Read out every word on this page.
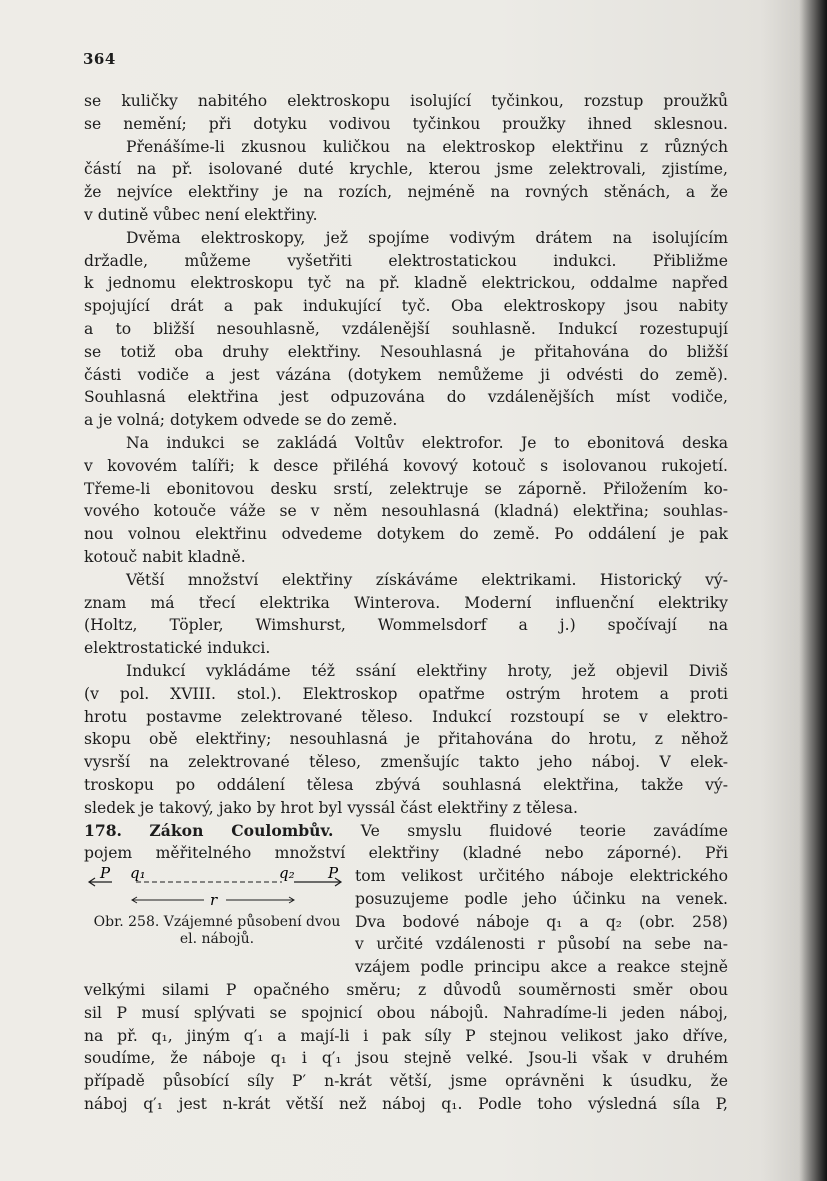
364
se kuličky nabitého elektroskopu isolující tyčinkou, rozstup proužků
se nemění; při dotyku vodivou tyčinkou proužky ihned sklesnou.
Přenášíme-li zkusnou kuličkou na elektroskop elektřinu z různých
částí na př. isolované duté krychle, kterou jsme zelektrovali, zjistíme,
že nejvíce elektřiny je na rozích, nejméně na rovných stěnách, a že
v dutině vůbec není elektřiny.
Dvěma elektroskopy, jež spojíme vodivým drátem na isolujícím
držadle, můžeme vyšetřiti elektrostatickou indukci. Přibližme
k jednomu elektroskopu tyč na př. kladně elektrickou, oddalme napřed
spojující drát a pak indukující tyč. Oba elektroskopy jsou nabity
a to bližší nesouhlasně, vzdálenější souhlasně. Indukcí rozestupují
se totiž oba druhy elektřiny. Nesouhlasná je přitahována do bližší
části vodiče a jest vázána (dotykem nemůžeme ji odvésti do země).
Souhlasná elektřina jest odpuzována do vzdálenějších míst vodiče,
a je volná; dotykem odvede se do země.
Na indukci se zakládá Voltův elektrofor. Je to ebonitová deska
v kovovém talíři; k desce přiléhá kovový kotouč s isolovanou rukojetí.
Třeme-li ebonitovou desku srstí, zelektruje se záporně. Přiložením ko-
vového kotouče váže se v něm nesouhlasná (kladná) elektřina; souhlas-
nou volnou elektřinu odvedeme dotykem do země. Po oddálení je pak
kotouč nabit kladně.
Větší množství elektřiny získáváme elektrikami. Historický vý-
znam má třecí elektrika Winterova. Moderní influenční elektriky
(Holtz, Töpler, Wimshurst, Wommelsdorf a j.) spočívají na
elektrostatické indukci.
Indukcí vykládáme též ssání elektřiny hroty, jež objevil Diviš
(v pol. XVIII. stol.). Elektroskop opatřme ostrým hrotem a proti
hrotu postavme zelektrované těleso. Indukcí rozstoupí se v elektro-
skopu obě elektřiny; nesouhlasná je přitahována do hrotu, z něhož
vysrší na zelektrované těleso, zmenšujíc takto jeho náboj. V elek-
troskopu po oddálení tělesa zbývá souhlasná elektřina, takže vý-
sledek je takový, jako by hrot byl vyssál část elektřiny z tělesa.
178. Zákon Coulombův. Ve smyslu fluidové teorie zavádíme
pojem měřitelného množství elektřiny (kladné nebo záporné). Při
tom velikost určitého náboje elektrického
posuzujeme podle jeho účinku na venek.
Dva bodové náboje q₁ a q₂ (obr. 258)
v určité vzdálenosti r působí na sebe na-
vzájem podle principu akce a reakce stejně
velkými silami P opačného směru; z důvodů souměrnosti směr obou
sil P musí splývati se spojnicí obou nábojů. Nahradíme-li jeden náboj,
na př. q₁, jiným q′₁ a mají-li i pak síly P stejnou velikost jako dříve,
soudíme, že náboje q₁ i q′₁ jsou stejně velké. Jsou-li však v druhém
případě působící síly P′ n-krát větší, jsme oprávněni k úsudku, že
náboj q′₁ jest n-krát větší než náboj q₁. Podle toho výsledná síla P,
P q₁	q₂ P
r
Obr. 258. Vzájemné působení dvou el. nábojů.
